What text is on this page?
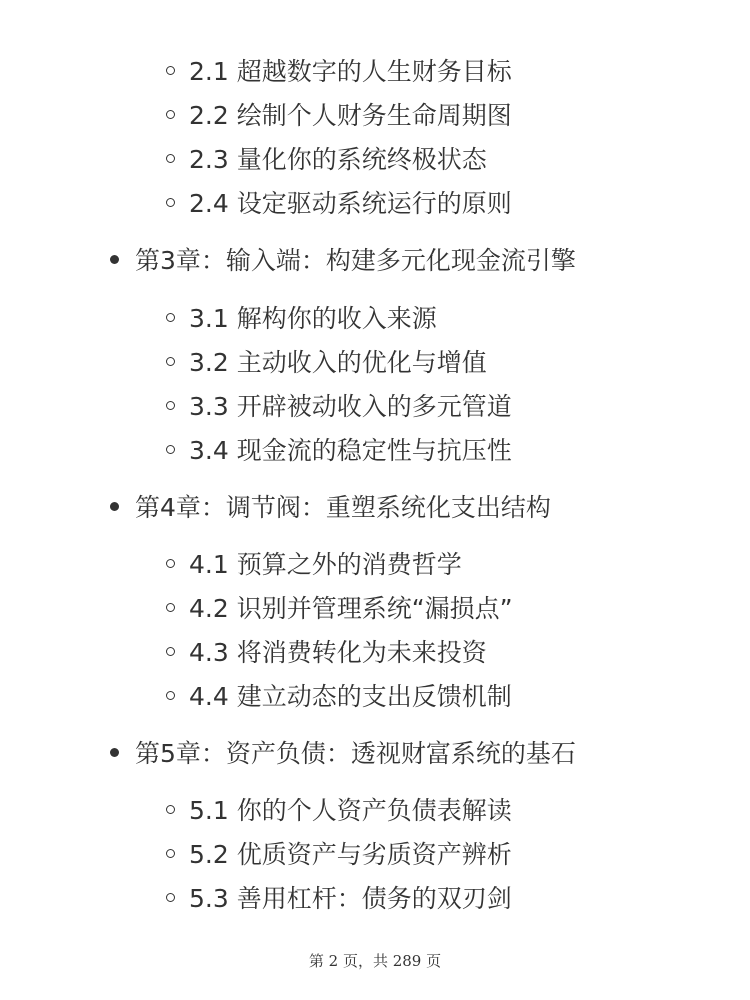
2.1 超越数字的人生财务目标
2.2 绘制个人财务生命周期图
2.3 量化你的系统终极状态
2.4 设定驱动系统运行的原则
第3章：输入端：构建多元化现金流引擎
3.1 解构你的收入来源
3.2 主动收入的优化与增值
3.3 开辟被动收入的多元管道
3.4 现金流的稳定性与抗压性
第4章：调节阀：重塑系统化支出结构
4.1 预算之外的消费哲学
4.2 识别并管理系统“漏损点”
4.3 将消费转化为未来投资
4.4 建立动态的支出反馈机制
第5章：资产负债：透视财富系统的基石
5.1 你的个人资产负债表解读
5.2 优质资产与劣质资产辨析
5.3 善用杠杆：债务的双刃剑
第 2 页，共 289 页
